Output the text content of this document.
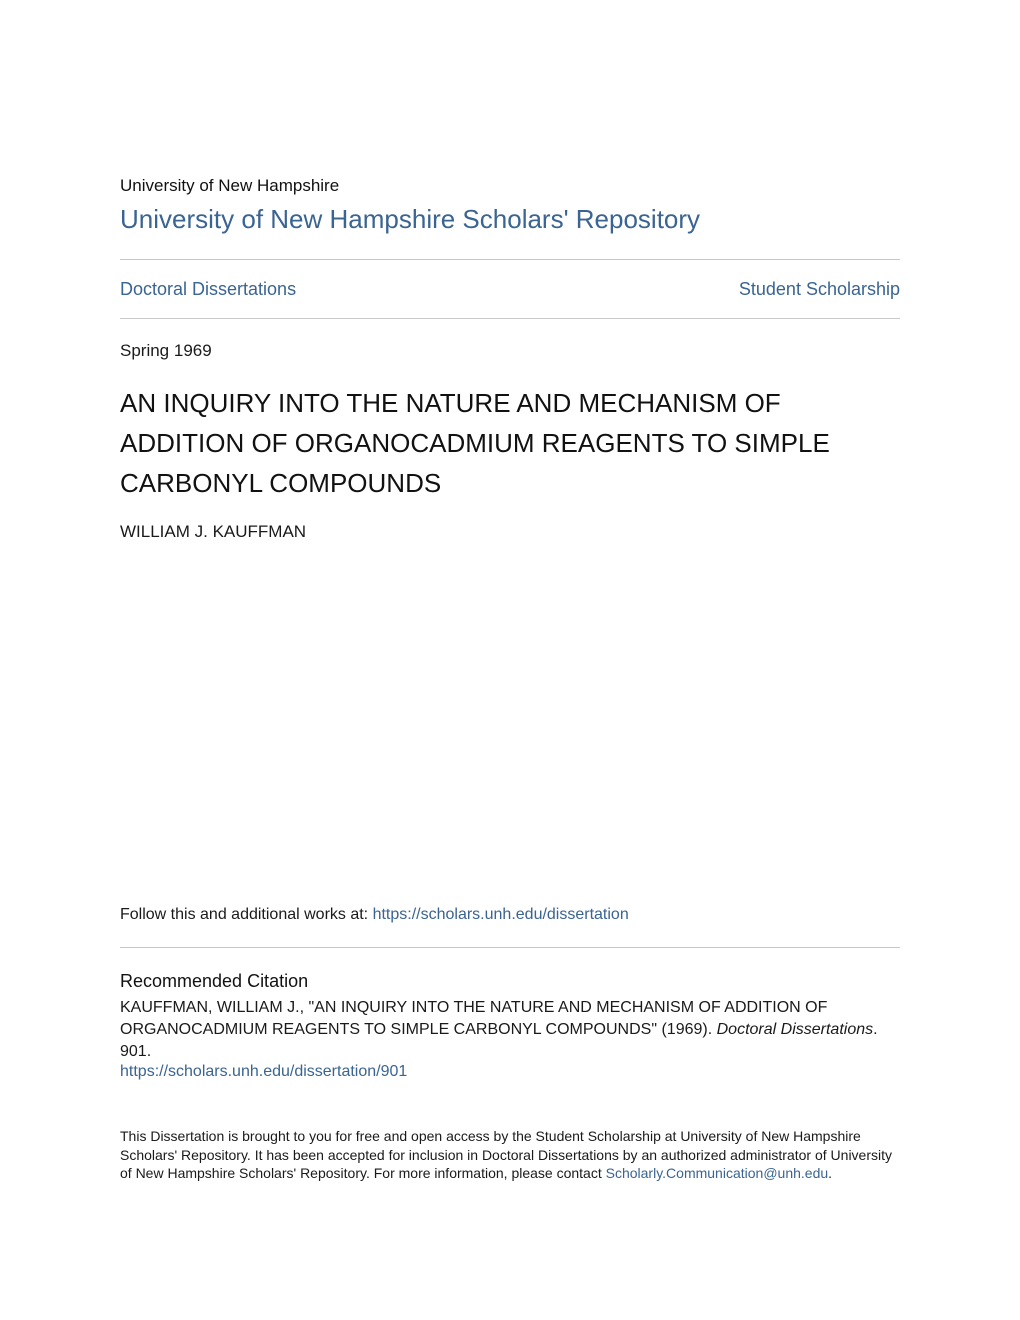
University of New Hampshire
University of New Hampshire Scholars' Repository
Doctoral Dissertations	Student Scholarship
Spring 1969
AN INQUIRY INTO THE NATURE AND MECHANISM OF ADDITION OF ORGANOCADMIUM REAGENTS TO SIMPLE CARBONYL COMPOUNDS
WILLIAM J. KAUFFMAN
Follow this and additional works at: https://scholars.unh.edu/dissertation
Recommended Citation
KAUFFMAN, WILLIAM J., "AN INQUIRY INTO THE NATURE AND MECHANISM OF ADDITION OF ORGANOCADMIUM REAGENTS TO SIMPLE CARBONYL COMPOUNDS" (1969). Doctoral Dissertations. 901.
https://scholars.unh.edu/dissertation/901
This Dissertation is brought to you for free and open access by the Student Scholarship at University of New Hampshire Scholars' Repository. It has been accepted for inclusion in Doctoral Dissertations by an authorized administrator of University of New Hampshire Scholars' Repository. For more information, please contact Scholarly.Communication@unh.edu.
